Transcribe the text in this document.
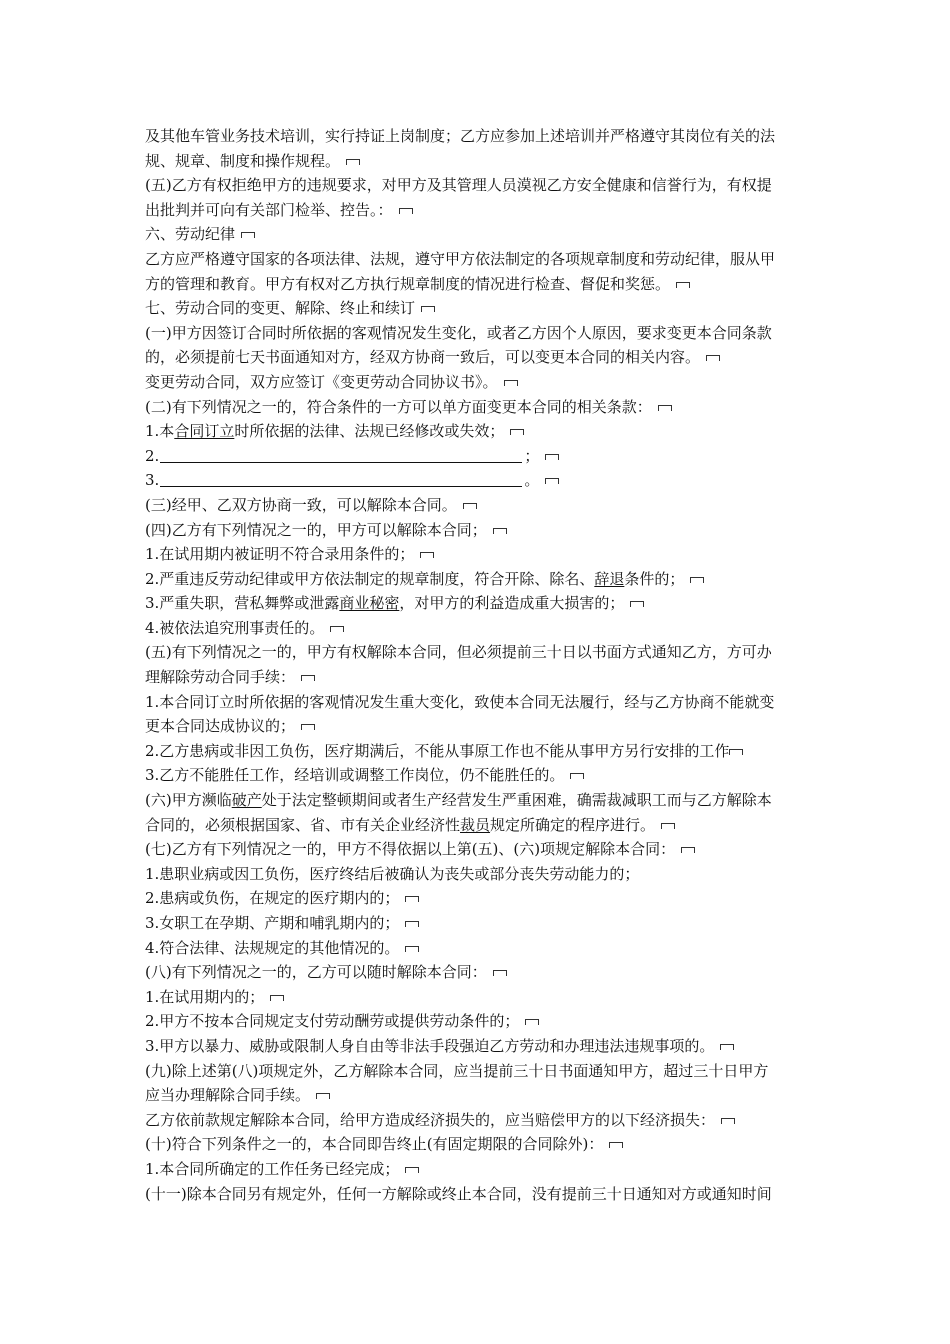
及其他车管业务技术培训，实行持证上岗制度；乙方应参加上述培训并严格遵守其岗位有关的法
规、规章、制度和操作规程。
(五)乙方有权拒绝甲方的违规要求，对甲方及其管理人员漠视乙方安全健康和信誉行为，有权提
出批判并可向有关部门检举、控告。：
六、劳动纪律
乙方应严格遵守国家的各项法律、法规，遵守甲方依法制定的各项规章制度和劳动纪律，服从甲
方的管理和教育。甲方有权对乙方执行规章制度的情况进行检查、督促和奖惩。
七、劳动合同的变更、解除、终止和续订
(一)甲方因签订合同时所依据的客观情况发生变化，或者乙方因个人原因，要求变更本合同条款
的，必须提前七天书面通知对方，经双方协商一致后，可以变更本合同的相关内容。
变更劳动合同，双方应签订《变更劳动合同协议书》。
(二)有下列情况之一的，符合条件的一方可以单方面变更本合同的相关条款：
1.本合同订立时所依据的法律、法规已经修改或失效；
2.	；
3.	。
(三)经甲、乙双方协商一致，可以解除本合同。
(四)乙方有下列情况之一的，甲方可以解除本合同；
1.在试用期内被证明不符合录用条件的；
2.严重违反劳动纪律或甲方依法制定的规章制度，符合开除、除名、辞退条件的；
3.严重失职，营私舞弊或泄露商业秘密，对甲方的利益造成重大损害的；
4.被依法追究刑事责任的。
(五)有下列情况之一的，甲方有权解除本合同，但必须提前三十日以书面方式通知乙方，方可办
理解除劳动合同手续：
1.本合同订立时所依据的客观情况发生重大变化，致使本合同无法履行，经与乙方协商不能就变
更本合同达成协议的；
2.乙方患病或非因工负伤，医疗期满后，不能从事原工作也不能从事甲方另行安排的工作
3.乙方不能胜任工作，经培训或调整工作岗位，仍不能胜任的。
(六)甲方濒临破产处于法定整顿期间或者生产经营发生严重困难，确需裁减职工而与乙方解除本
合同的，必须根据国家、省、市有关企业经济性裁员规定所确定的程序进行。
(七)乙方有下列情况之一的，甲方不得依据以上第(五)、(六)项规定解除本合同：
1.患职业病或因工负伤，医疗终结后被确认为丧失或部分丧失劳动能力的；
2.患病或负伤，在规定的医疗期内的；
3.女职工在孕期、产期和哺乳期内的；
4.符合法律、法规规定的其他情况的。
(八)有下列情况之一的，乙方可以随时解除本合同：
1.在试用期内的；
2.甲方不按本合同规定支付劳动酬劳或提供劳动条件的；
3.甲方以暴力、威胁或限制人身自由等非法手段强迫乙方劳动和办理违法违规事项的。
(九)除上述第(八)项规定外，乙方解除本合同，应当提前三十日书面通知甲方，超过三十日甲方
应当办理解除合同手续。
乙方依前款规定解除本合同，给甲方造成经济损失的，应当赔偿甲方的以下经济损失：
(十)符合下列条件之一的，本合同即告终止(有固定期限的合同除外)：
1.本合同所确定的工作任务已经完成；
(十一)除本合同另有规定外，任何一方解除或终止本合同，没有提前三十日通知对方或通知时间
